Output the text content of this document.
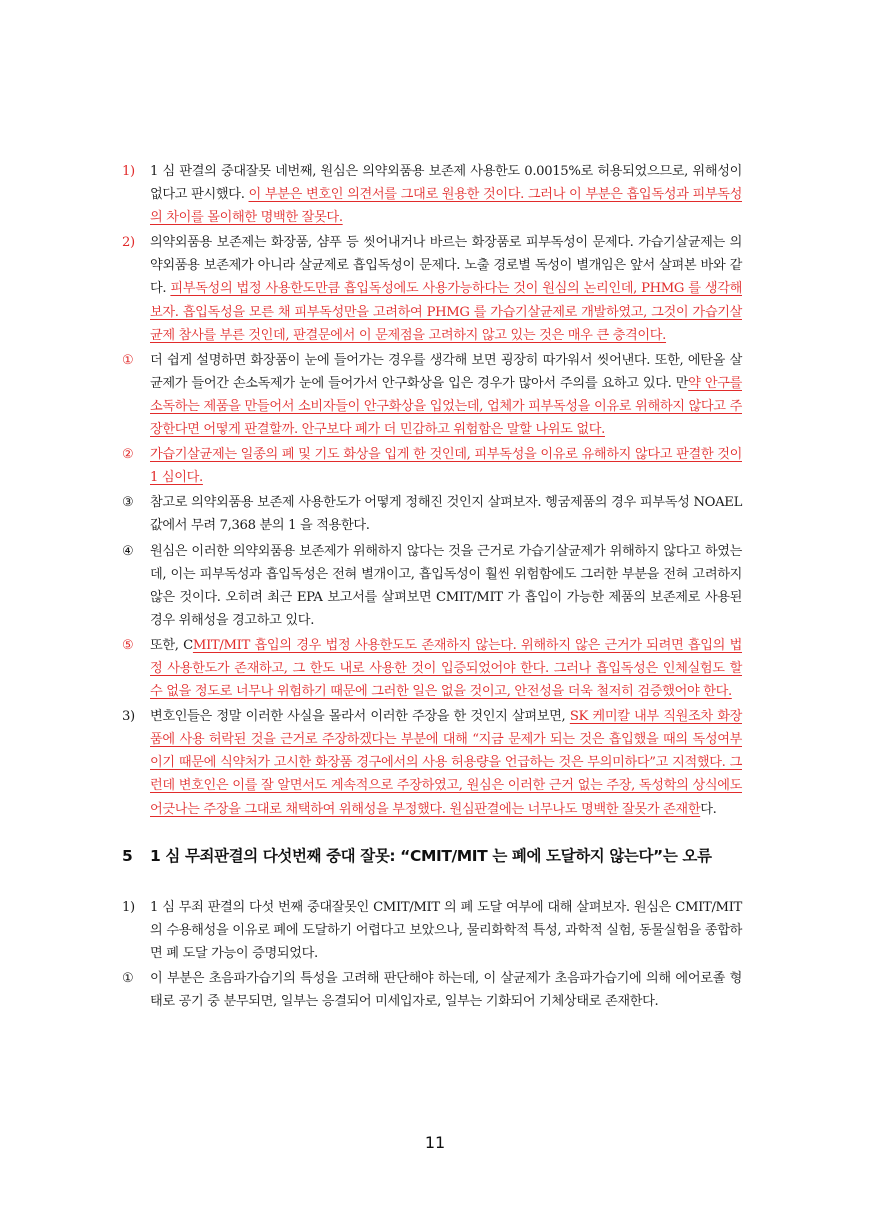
1)	1 심 판결의 중대잘못 네번째, 원심은 의약외품용 보존제 사용한도 0.0015%로 허용되었으므로, 위해성이 없다고 판시했다. 이 부분은 변호인 의견서를 그대로 원용한 것이다. 그러나 이 부분은 흡입독성과 피부독성의 차이를 몰이해한 명백한 잘못다.
2)	의약외품용 보존제는 화장품, 샴푸 등 씻어내거나 바르는 화장품로 피부독성이 문제다. 가습기살균제는 의약외품용 보존제가 아니라 살균제로 흡입독성이 문제다. 노출 경로별 독성이 별개임은 앞서 살펴본 바와 같다. 피부독성의 법정 사용한도만큼 흡입독성에도 사용가능하다는 것이 원심의 논리인데, PHMG 를 생각해보자. 흡입독성을 모른 채 피부독성만을 고려하여 PHMG 를 가습기살균제로 개발하였고, 그것이 가습기살균제 참사를 부른 것인데, 판결문에서 이 문제점을 고려하지 않고 있는 것은 매우 큰 충격이다.
①	더 쉽게 설명하면 화장품이 눈에 들어가는 경우를 생각해 보면 굉장히 따가워서 씻어낸다. 또한, 에탄올 살균제가 들어간 손소독제가 눈에 들어가서 안구화상을 입은 경우가 많아서 주의를 요하고 있다. 만약 안구를 소독하는 제품을 만들어서 소비자들이 안구화상을 입었는데, 업체가 피부독성을 이유로 위해하지 않다고 주장한다면 어떻게 판결할까. 안구보다 폐가 더 민감하고 위험함은 말할 나위도 없다.
②	가습기살균제는 일종의 폐 및 기도 화상을 입게 한 것인데, 피부독성을 이유로 유해하지 않다고 판결한 것이 1 심이다.
③	참고로 의약외품용 보존제 사용한도가 어떻게 정해진 것인지 살펴보자. 헹굼제품의 경우 피부독성 NOAEL 값에서 무려 7,368 분의 1 을 적용한다.
④	원심은 이러한 의약외품용 보존제가 위해하지 않다는 것을 근거로 가습기살균제가 위해하지 않다고 하였는데, 이는 피부독성과 흡입독성은 전혀 별개이고, 흡입독성이 훨씬 위험함에도 그러한 부분을 전혀 고려하지 않은 것이다. 오히려 최근 EPA 보고서를 살펴보면 CMIT/MIT 가 흡입이 가능한 제품의 보존제로 사용된 경우 위해성을 경고하고 있다.
⑤	또한, CMIT/MIT 흡입의 경우 법정 사용한도도 존재하지 않는다. 위해하지 않은 근거가 되려면 흡입의 법정 사용한도가 존재하고, 그 한도 내로 사용한 것이 입증되었어야 한다. 그러나 흡입독성은 인체실험도 할 수 없을 정도로 너무나 위험하기 때문에 그러한 일은 없을 것이고, 안전성을 더욱 철저히 검증했어야 한다.
3)	변호인들은 정말 이러한 사실을 몰라서 이러한 주장을 한 것인지 살펴보면, SK 케미칼 내부 직원조차 화장품에 사용 허락된 것을 근거로 주장하겠다는 부분에 대해 “지금 문제가 되는 것은 흡입했을 때의 독성여부이기 때문에 식약처가 고시한 화장품 경구에서의 사용 허용량을 언급하는 것은 무의미하다”고 지적했다. 그런데 변호인은 이를 잘 알면서도 계속적으로 주장하였고, 원심은 이러한 근거 없는 주장, 독성학의 상식에도 어긋나는 주장을 그대로 채택하여 위해성을 부정했다. 원심판결에는 너무나도 명백한 잘못가 존재한다.
5	1 심 무죄판결의 다섯번째 중대 잘못: “CMIT/MIT 는 폐에 도달하지 않는다”는 오류
1)	1 심 무죄 판결의 다섯 번째 중대잘못인 CMIT/MIT 의 폐 도달 여부에 대해 살펴보자. 원심은 CMIT/MIT 의 수용해성을 이유로 폐에 도달하기 어렵다고 보았으나, 물리화학적 특성, 과학적 실험, 동물실험을 종합하면 폐 도달 가능이 증명되었다.
①	이 부분은 초음파가습기의 특성을 고려해 판단해야 하는데, 이 살균제가 초음파가습기에 의해 에어로졸 형태로 공기 중 분무되면, 일부는 응결되어 미세입자로, 일부는 기화되어 기체상태로 존재한다.
11
